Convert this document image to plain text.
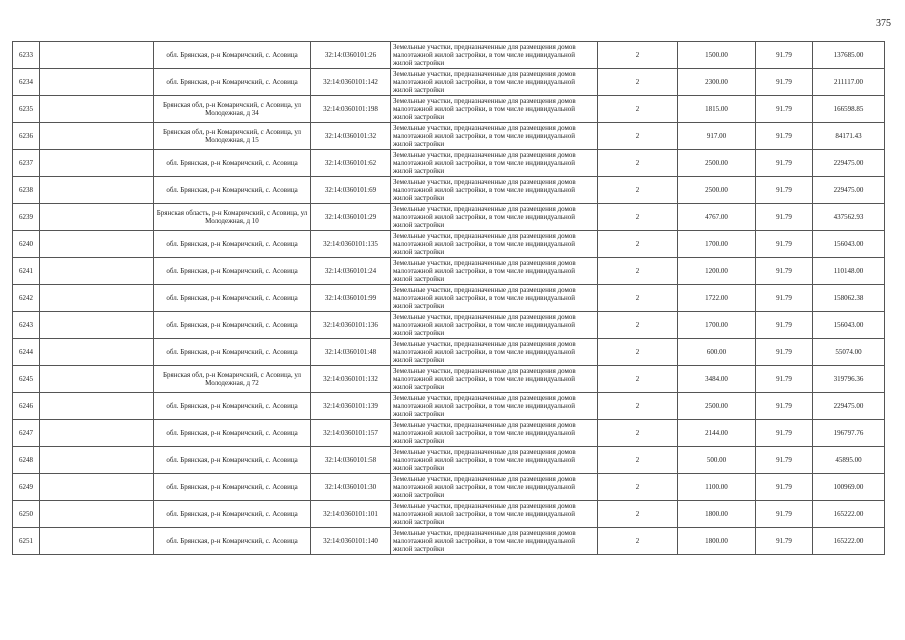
375
6233		обл. Брянская, р-н Комаричский, с. Асовица	32:14:0360101:26	Земельные участки, предназначенные для размещения домов малоэтажной жилой застройки, в том числе индивидуальной жилой застройки	2	1500.00	91.79	137685.00
6234		обл. Брянская, р-н Комаричский, с. Асовица	32:14:0360101:142	Земельные участки, предназначенные для размещения домов малоэтажной жилой застройки, в том числе индивидуальной жилой застройки	2	2300.00	91.79	211117.00
6235		Брянская обл, р-н Комаричский, с Асовица, ул Молодежная, д 34	32:14:0360101:198	Земельные участки, предназначенные для размещения домов малоэтажной жилой застройки, в том числе индивидуальной жилой застройки	2	1815.00	91.79	166598.85
6236		Брянская обл, р-н Комаричский, с Асовица, ул Молодежная, д 15	32:14:0360101:32	Земельные участки, предназначенные для размещения домов малоэтажной жилой застройки, в том числе индивидуальной жилой застройки	2	917.00	91.79	84171.43
6237		обл. Брянская, р-н Комаричский, с. Асовица	32:14:0360101:62	Земельные участки, предназначенные для размещения домов малоэтажной жилой застройки, в том числе индивидуальной жилой застройки	2	2500.00	91.79	229475.00
6238		обл. Брянская, р-н Комаричский, с. Асовица	32:14:0360101:69	Земельные участки, предназначенные для размещения домов малоэтажной жилой застройки, в том числе индивидуальной жилой застройки	2	2500.00	91.79	229475.00
6239		Брянская область, р-н Комаричский, с Асовица, ул Молодежная, д 10	32:14:0360101:29	Земельные участки, предназначенные для размещения домов малоэтажной жилой застройки, в том числе индивидуальной жилой застройки	2	4767.00	91.79	437562.93
6240		обл. Брянская, р-н Комаричский, с. Асовица	32:14:0360101:135	Земельные участки, предназначенные для размещения домов малоэтажной жилой застройки, в том числе индивидуальной жилой застройки	2	1700.00	91.79	156043.00
6241		обл. Брянская, р-н Комаричский, с. Асовица	32:14:0360101:24	Земельные участки, предназначенные для размещения домов малоэтажной жилой застройки, в том числе индивидуальной жилой застройки	2	1200.00	91.79	110148.00
6242		обл. Брянская, р-н Комаричский, с. Асовица	32:14:0360101:99	Земельные участки, предназначенные для размещения домов малоэтажной жилой застройки, в том числе индивидуальной жилой застройки	2	1722.00	91.79	158062.38
6243		обл. Брянская, р-н Комаричский, с. Асовица	32:14:0360101:136	Земельные участки, предназначенные для размещения домов малоэтажной жилой застройки, в том числе индивидуальной жилой застройки	2	1700.00	91.79	156043.00
6244		обл. Брянская, р-н Комаричский, с. Асовица	32:14:0360101:48	Земельные участки, предназначенные для размещения домов малоэтажной жилой застройки, в том числе индивидуальной жилой застройки	2	600.00	91.79	55074.00
6245		Брянская обл, р-н Комаричский, с Асовица, ул Молодежная, д 72	32:14:0360101:132	Земельные участки, предназначенные для размещения домов малоэтажной жилой застройки, в том числе индивидуальной жилой застройки	2	3484.00	91.79	319796.36
6246		обл. Брянская, р-н Комаричский, с. Асовица	32:14:0360101:139	Земельные участки, предназначенные для размещения домов малоэтажной жилой застройки, в том числе индивидуальной жилой застройки	2	2500.00	91.79	229475.00
6247		обл. Брянская, р-н Комаричский, с. Асовица	32:14:0360101:157	Земельные участки, предназначенные для размещения домов малоэтажной жилой застройки, в том числе индивидуальной жилой застройки	2	2144.00	91.79	196797.76
6248		обл. Брянская, р-н Комаричский, с. Асовица	32:14:0360101:58	Земельные участки, предназначенные для размещения домов малоэтажной жилой застройки, в том числе индивидуальной жилой застройки	2	500.00	91.79	45895.00
6249		обл. Брянская, р-н Комаричский, с. Асовица	32:14:0360101:30	Земельные участки, предназначенные для размещения домов малоэтажной жилой застройки, в том числе индивидуальной жилой застройки	2	1100.00	91.79	100969.00
6250		обл. Брянская, р-н Комаричский, с. Асовица	32:14:0360101:101	Земельные участки, предназначенные для размещения домов малоэтажной жилой застройки, в том числе индивидуальной жилой застройки	2	1800.00	91.79	165222.00
6251		обл. Брянская, р-н Комаричский, с. Асовица	32:14:0360101:140	Земельные участки, предназначенные для размещения домов малоэтажной жилой застройки, в том числе индивидуальной жилой застройки	2	1800.00	91.79	165222.00
